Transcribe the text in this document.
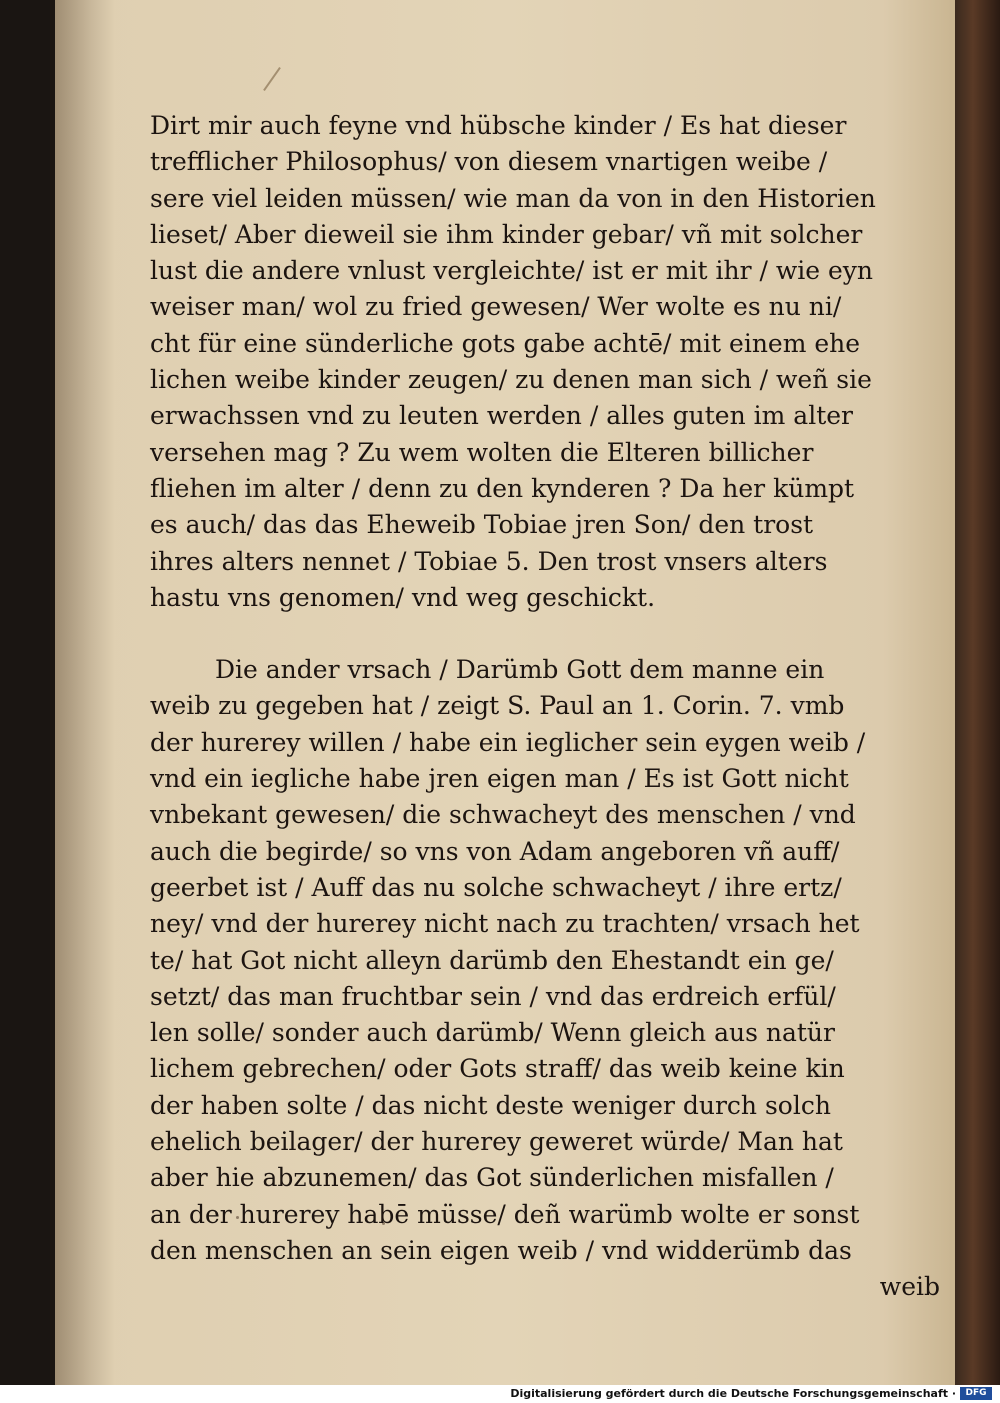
Dirt mir auch feyne vnd hübsche kinder / Es hat dieser
trefflicher Philosophus/ von diesem vnartigen weibe /
sere viel leiden müssen/ wie man da von in den Historien
lieset/ Aber dieweil sie ihm kinder gebar/ vñ mit solcher
lust die andere vnlust vergleichte/ ist er mit ihr / wie eyn
weiser man/ wol zu fried gewesen/ Wer wolte es nu ni/
cht für eine sünderliche gots gabe achtē/ mit einem ehe
lichen weibe kinder zeugen/ zu denen man sich / weñ sie
erwachssen vnd zu leuten werden / alles guten im alter
versehen mag ? Zu wem wolten die Elteren billicher
fliehen im alter / denn zu den kynderen ? Da her kümpt
es auch/ das das Eheweib Tobiae jren Son/ den trost
ihres alters nennet / Tobiae 5. Den trost vnsers alters
hastu vns genomen/ vnd weg geschickt.
Die ander vrsach / Darümb Gott dem manne ein
weib zu gegeben hat / zeigt S. Paul an 1. Corin. 7. vmb
der hurerey willen / habe ein ieglicher sein eygen weib /
vnd ein iegliche habe jren eigen man / Es ist Gott nicht
vnbekant gewesen/ die schwacheyt des menschen / vnd
auch die begirde/ so vns von Adam angeboren vñ auff/
geerbet ist / Auff das nu solche schwacheyt / ihre ertz/
ney/ vnd der hurerey nicht nach zu trachten/ vrsach het
te/ hat Got nicht alleyn darümb den Ehestandt ein ge/
setzt/ das man fruchtbar sein / vnd das erdreich erfül/
len solle/ sonder auch darümb/ Wenn gleich aus natür
lichem gebrechen/ oder Gots straff/ das weib keine kin
der haben solte / das nicht deste weniger durch solch
ehelich beilager/ der hurerey geweret würde/ Man hat
aber hie abzunemen/ das Got sünderlichen misfallen /
an der hurerey habē müsse/ deñ warümb wolte er sonst
den menschen an sein eigen weib / vnd widderümb das
weib
Digitalisierung gefördert durch die Deutsche Forschungsgemeinschaft ·	DFG
